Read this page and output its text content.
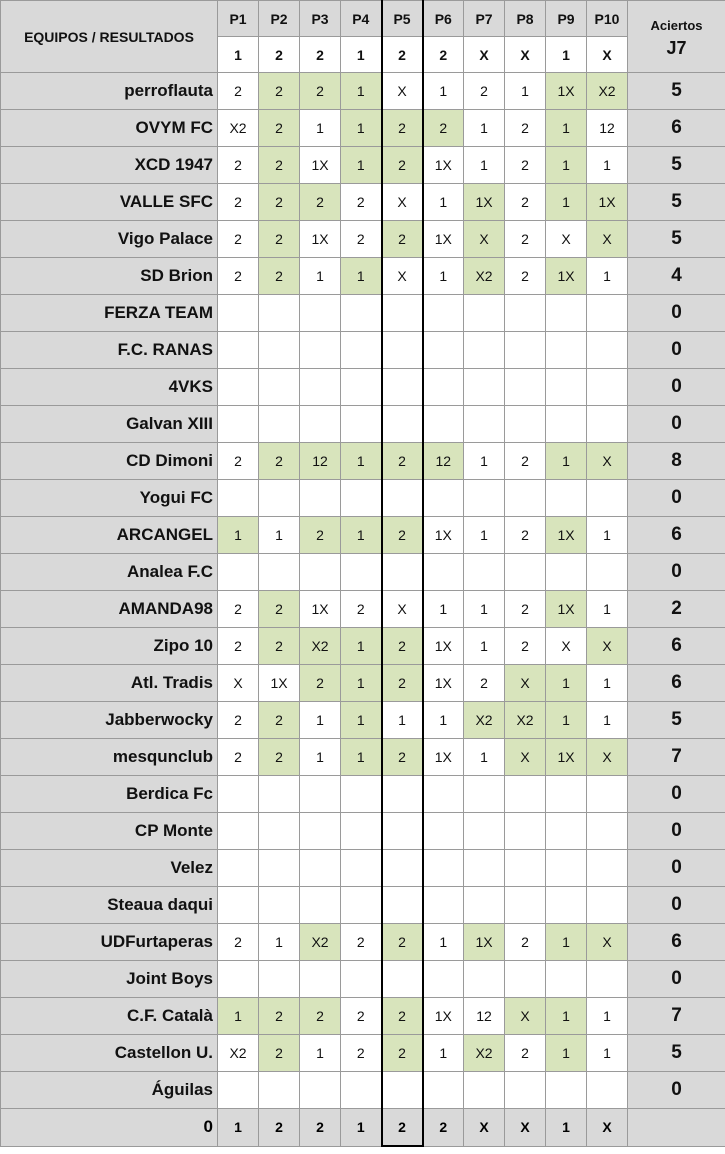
EQUIPOS / RESULTADOS	P1	P2	P3	P4	P5	P6	P7	P8	P9	P10	Aciertos
J7

	1	2	2	1	2	2	X	X	1	X	
perroflauta	2	2	2	1	X	1	2	1	1X	X2	5
OVYM FC	X2	2	1	1	2	2	1	2	1	12	6
XCD 1947	2	2	1X	1	2	1X	1	2	1	1	5
VALLE SFC	2	2	2	2	X	1	1X	2	1	1X	5
Vigo Palace	2	2	1X	2	2	1X	X	2	X	X	5
SD Brion	2	2	1	1	X	1	X2	2	1X	1	4
FERZA TEAM											0
F.C. RANAS											0
4VKS											0
Galvan XIII											0
CD Dimoni	2	2	12	1	2	12	1	2	1	X	8
Yogui FC											0
ARCANGEL	1	1	2	1	2	1X	1	2	1X	1	6
Analea F.C											0
AMANDA98	2	2	1X	2	X	1	1	2	1X	1	2
Zipo 10	2	2	X2	1	2	1X	1	2	X	X	6
Atl. Tradis	X	1X	2	1	2	1X	2	X	1	1	6
Jabberwocky	2	2	1	1	1	1	X2	X2	1	1	5
mesqunclub	2	2	1	1	2	1X	1	X	1X	X	7
Berdica Fc											0
CP Monte											0
Velez											0
Steaua daqui											0
UDFurtaperas	2	1	X2	2	2	1	1X	2	1	X	6
Joint Boys											0
C.F. Català	1	2	2	2	2	1X	12	X	1	1	7
Castellon U.	X2	2	1	2	2	1	X2	2	1	1	5
Águilas											0
0	1	2	2	1	2	2	X	X	1	X	
